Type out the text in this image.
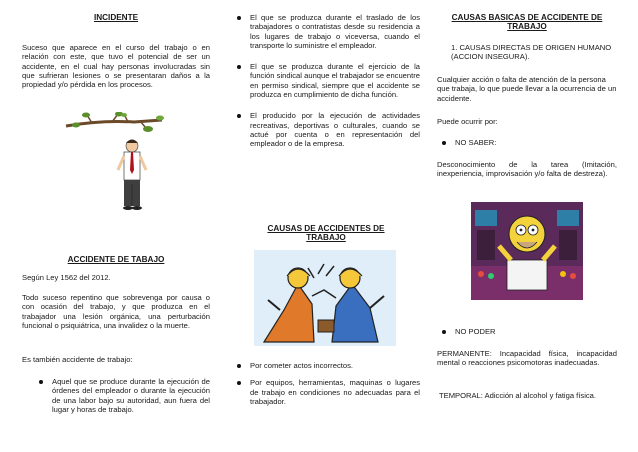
INCIDENTE

Suceso que aparece en el curso del trabajo o en relación con este, que tuvo el potencial de ser un accidente, en el cual hay personas involucradas sin que sufrieran lesiones o se presentaran daños a la propiedad y/o pérdida en los procesos.

ACCIDENTE DE TABAJO

Según Ley 1562 del 2012.

Todo suceso repentino que sobrevenga por causa o con ocasión del trabajo, y que produzca en el trabajador una lesión orgánica, una perturbación funcional o psiquiátrica, una invalidez o la muerte.

Es también accidente de trabajo:

Aquel que se produce durante la ejecución de órdenes del empleador o durante la ejecución de una labor bajo su autoridad, aun fuera del lugar y horas de trabajo.
El que se produzca durante el traslado de los trabajadores o contratistas desde su residencia a los lugares de trabajo o viceversa, cuando el transporte lo suministre el empleador.
El que se produzca durante el ejercicio de la función sindical aunque el trabajador se encuentre en permiso sindical, siempre que el accidente se produzca en cumplimiento de dicha función.
El producido por la ejecución de actividades recreativas, deportivas o culturales, cuando se actué por cuenta o en representación del empleador o de la empresa.

CAUSAS DE ACCIDENTES DE TRABAJO

Por cometer actos incorrectos.
Por equipos, herramientas, maquinas o lugares de trabajo en condiciones no adecuadas para el trabajador.

CAUSAS BASICAS DE ACCIDENTE DE TRABAJO

1. CAUSAS DIRECTAS DE ORIGEN HUMANO (ACCION INSEGURA).

Cualquier acción o falta de atención de la persona que trabaja, lo que puede llevar a la ocurrencia de un accidente.

Puede ocurrir por:

NO SABER:

Desconocimiento de la tarea (Imitación, inexperiencia, improvisación y/o falta de destreza).

NO PODER

PERMANENTE: Incapacidad física, incapacidad mental o reacciones psicomotoras inadecuadas.

TEMPORAL: Adicción al alcohol y fatiga física.
